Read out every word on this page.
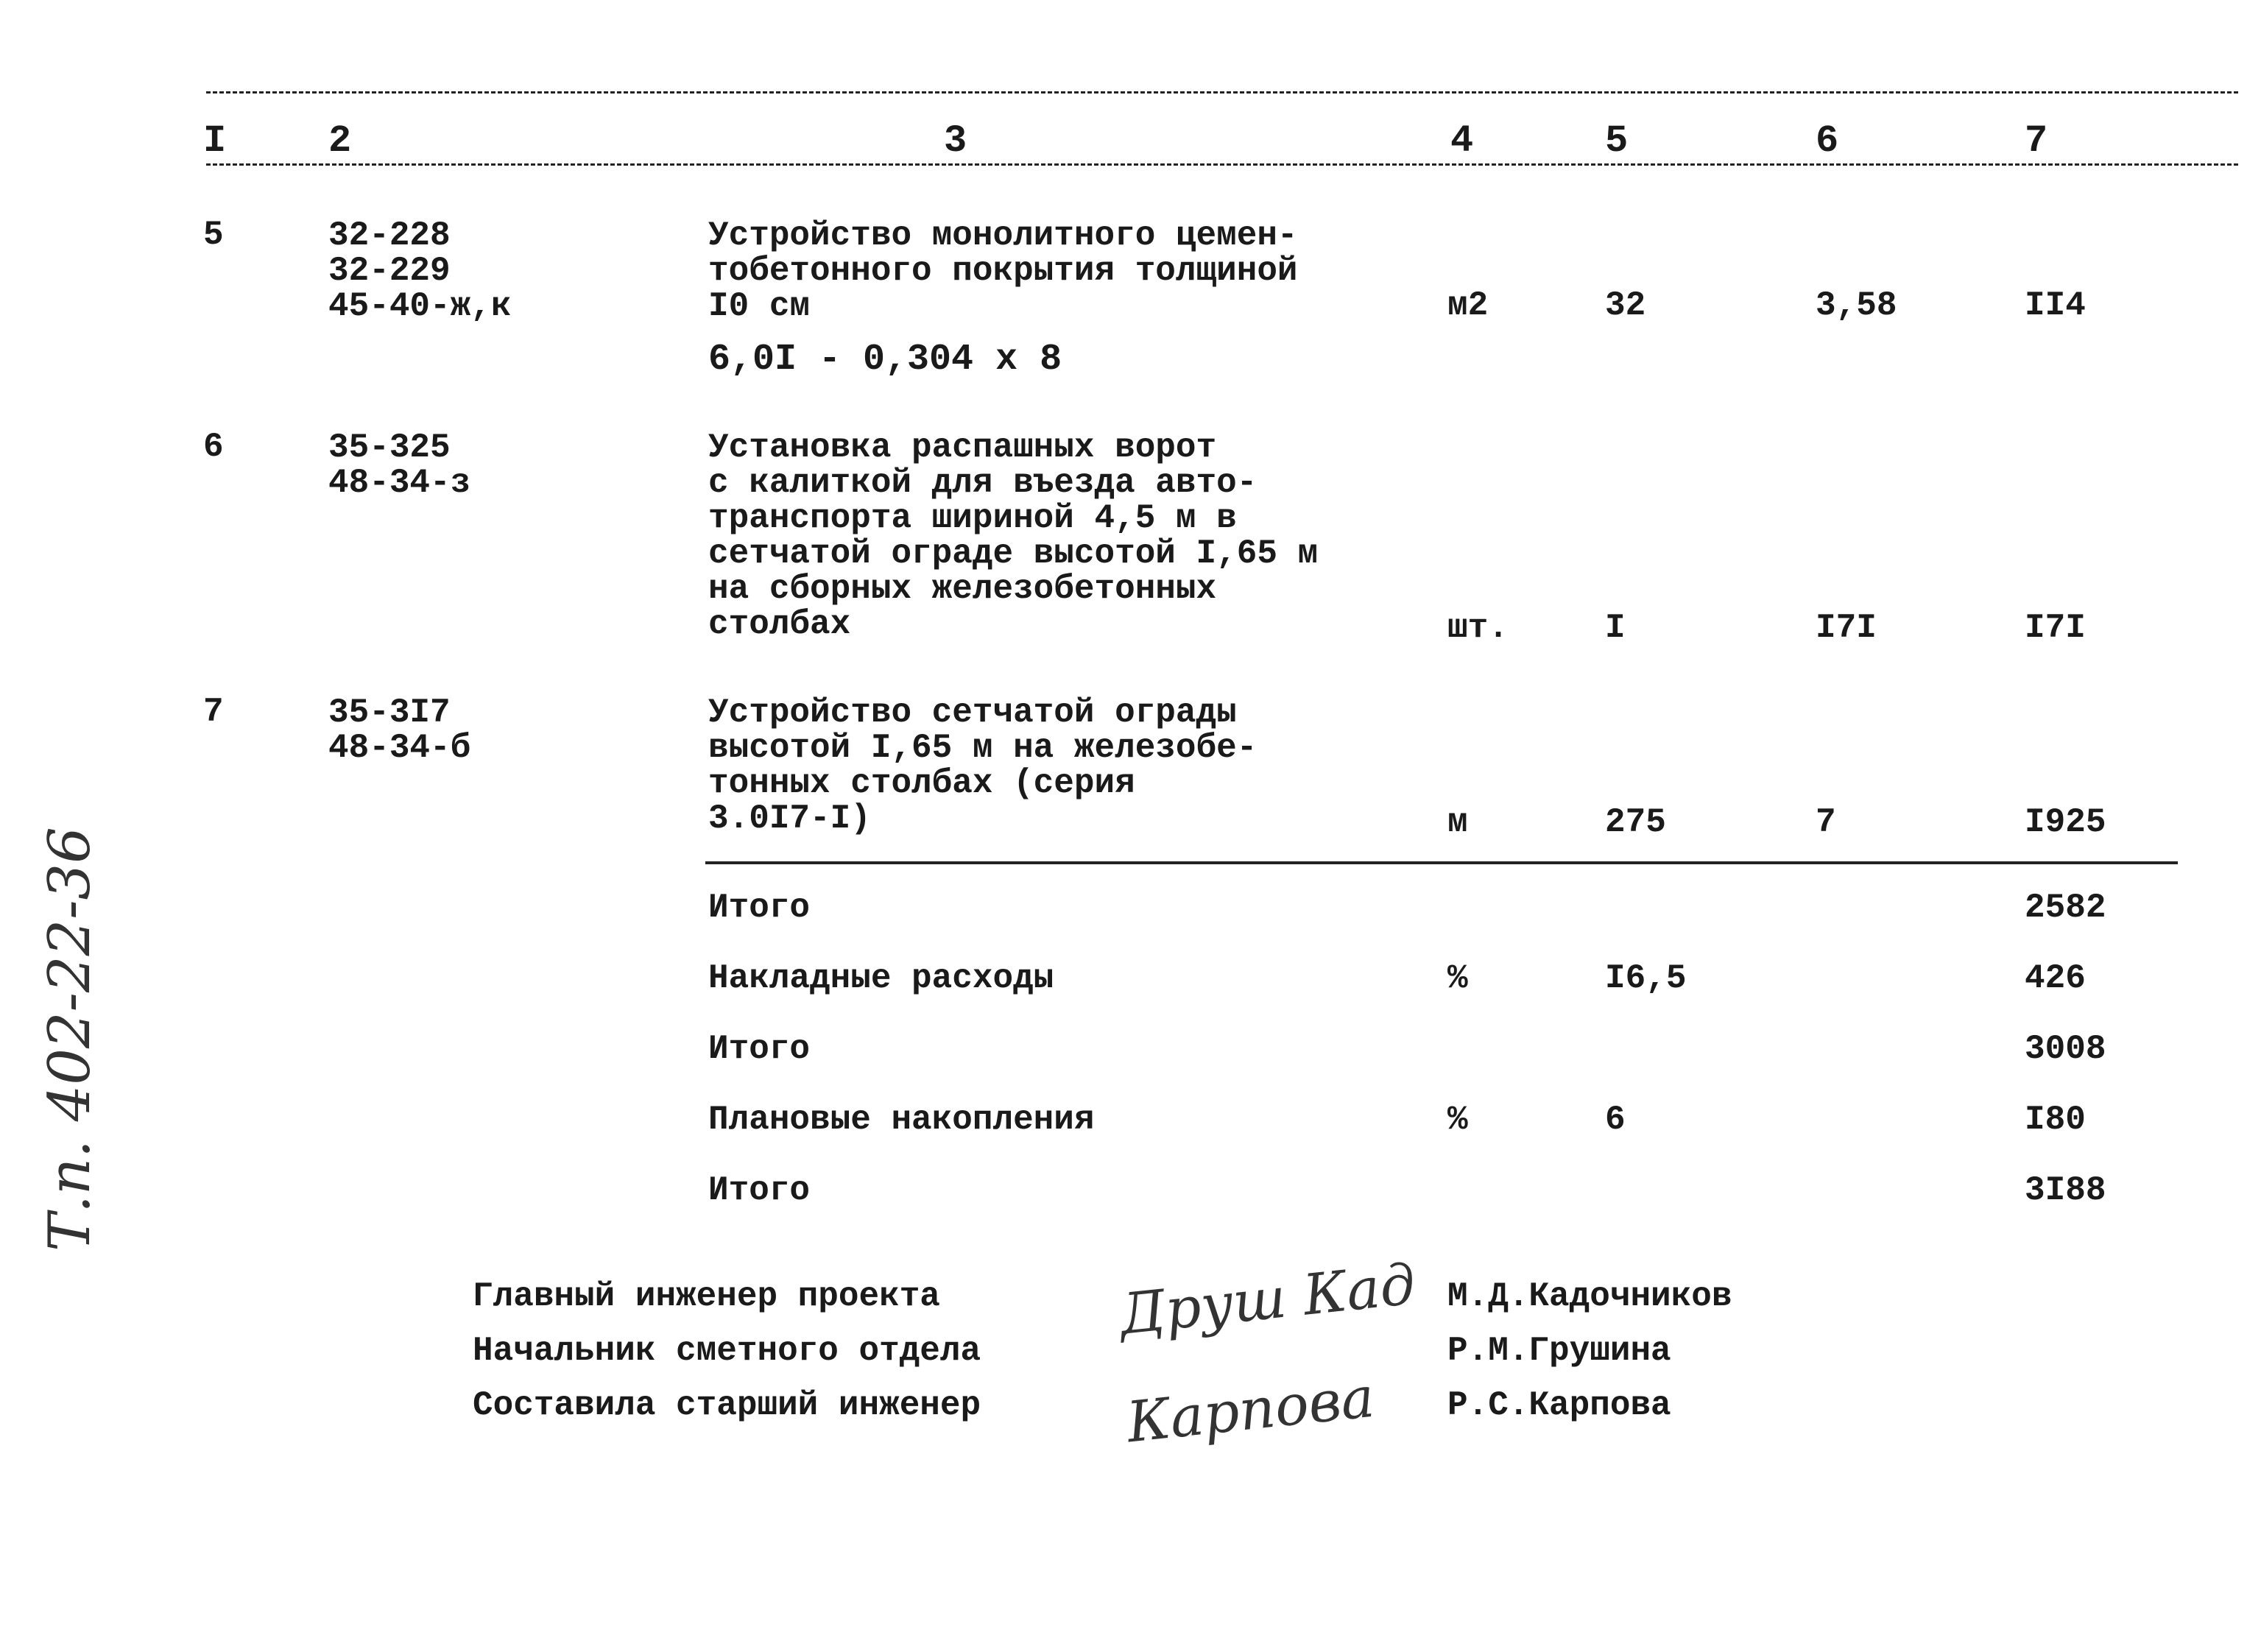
I	2	3	4	5	6	7
5	32-228
32-229
45-40-ж,к
Устройство монолитного цемен-
тобетонного покрытия толщиной
I0 см
6,0I - 0,304 x 8
м2	32	3,58	II4
6	35-325
48-34-з
Установка распашных ворот
с калиткой для въезда авто-
транспорта шириной 4,5 м в
сетчатой ограде высотой I,65 м
на сборных железобетонных
столбах	шт.	I	I7I	I7I
7	35-3I7
48-34-б
Устройство сетчатой ограды
высотой I,65 м на железобе-
тонных столбах (серия
3.0I7-I)	м	275	7	I925
Итого	2582
Накладные расходы	%	I6,5	426
Итого	3008
Плановые накопления	%	6	I80
Итого	3I88
Главный инженер проекта	М.Д.Кадочников
Начальник сметного отдела	Р.М.Грушина
Составила старший инженер	Р.С.Карпова
Друш Кад
Карпова
Т.п. 402-22-36
